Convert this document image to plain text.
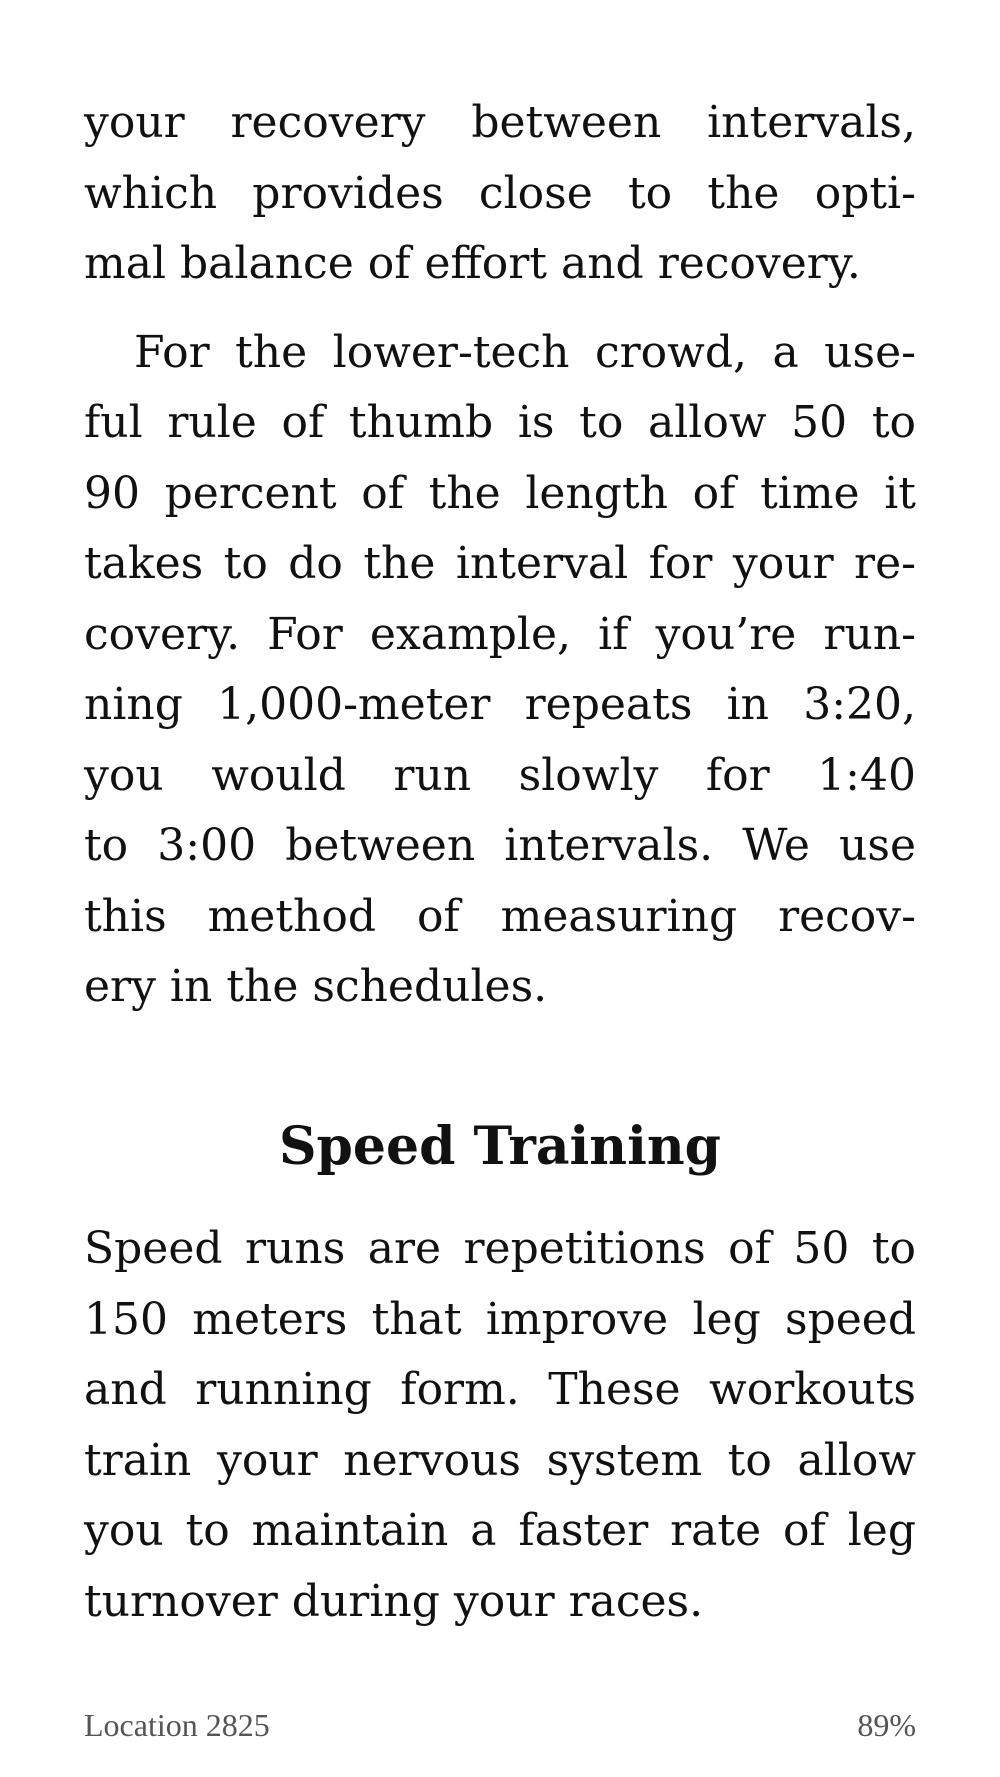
your recovery between intervals,
which provides close to the opti-
mal balance of effort and recovery.

For the lower-tech crowd, a use-
ful rule of thumb is to allow 50 to
90 percent of the length of time it
takes to do the interval for your re-
covery. For example, if you’re run-
ning 1,000-meter repeats in 3:20,
you would run slowly for 1:40
to 3:00 between intervals. We use
this method of measuring recov-
ery in the schedules.

Speed Training

Speed runs are repetitions of 50 to
150 meters that improve leg speed
and running form. These workouts
train your nervous system to allow
you to maintain a faster rate of leg
turnover during your races.

Location 2825	89%
